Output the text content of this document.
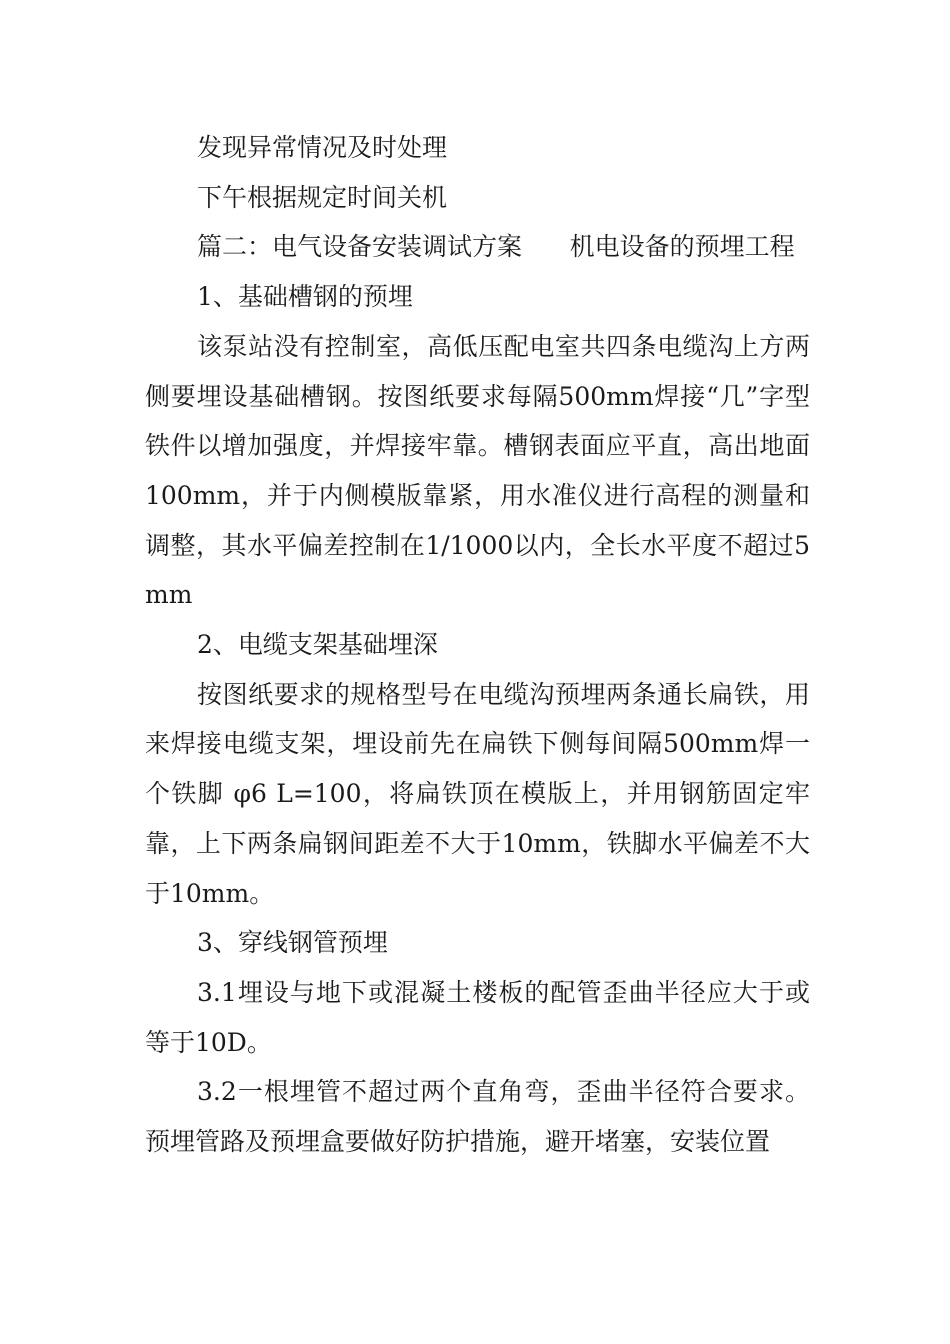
发现异常情况及时处理

下午根据规定时间关机

篇二：电气设备安装调试方案      机电设备的预埋工程

1、基础槽钢的预埋

该泵站没有控制室，高低压配电室共四条电缆沟上方两侧要埋设基础槽钢。按图纸要求每隔500mm焊接“几”字型铁件以增加强度，并焊接牢靠。槽钢表面应平直，高出地面100mm，并于内侧模版靠紧，用水准仪进行高程的测量和调整，其水平偏差控制在1/1000以内，全长水平度不超过5mm

2、电缆支架基础埋深

按图纸要求的规格型号在电缆沟预埋两条通长扁铁，用来焊接电缆支架，埋设前先在扁铁下侧每间隔500mm焊一个铁脚 φ6 L=100，将扁铁顶在模版上，并用钢筋固定牢靠，上下两条扁钢间距差不大于10mm，铁脚水平偏差不大于10mm。

3、穿线钢管预埋

3.1埋设与地下或混凝土楼板的配管歪曲半径应大于或等于10D。

3.2一根埋管不超过两个直角弯，歪曲半径符合要求。预埋管路及预埋盒要做好防护措施，避开堵塞，安装位置
